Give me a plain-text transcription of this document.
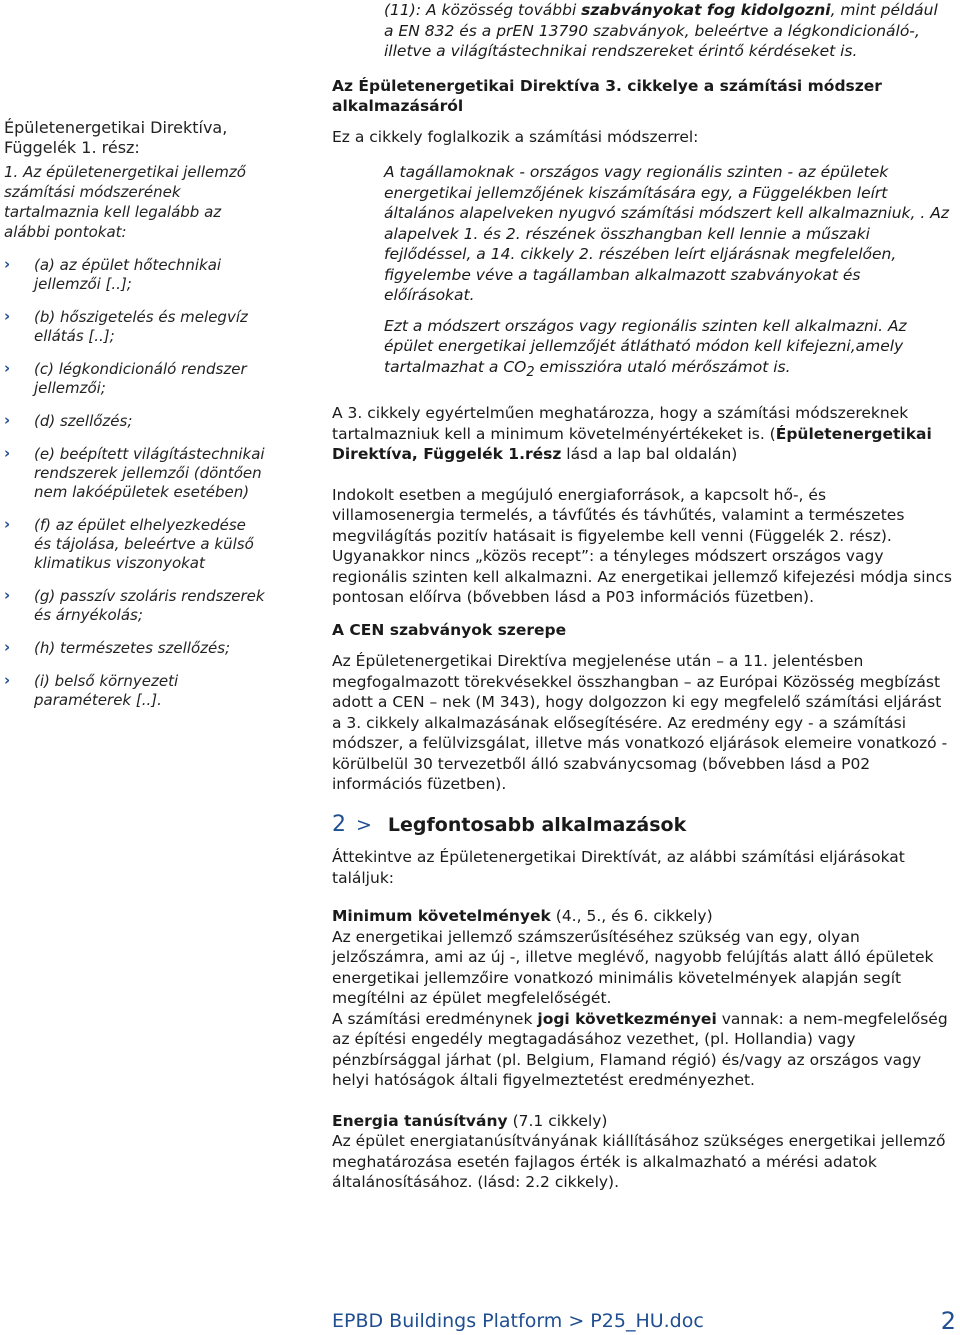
Épületenergetikai Direktíva, Függelék 1. rész:

1. Az épületenergetikai jellemző számítási módszerének tartalmaznia kell legalább az alábbi pontokat:

› (a) az épület hőtechnikai jellemzői [..];
› (b) hőszigetelés és melegvíz ellátás [..];
› (c) légkondicionáló rendszer jellemzői;
› (d) szellőzés;
› (e) beépített világítástechnikai rendszerek jellemzői (döntően nem lakóépületek esetében)
› (f) az épület elhelyezkedése és tájolása, beleértve a külső klimatikus viszonyokat
› (g) passzív szoláris rendszerek és árnyékolás;
› (h) természetes szellőzés;
› (i) belső környezeti paraméterek [..].

(11): A közösség további szabványokat fog kidolgozni, mint például a EN 832 és a prEN 13790 szabványok, beleértve a légkondicionáló-, illetve a világítástechnikai rendszereket érintő kérdéseket is.

Az Épületenergetikai Direktíva 3. cikkelye a számítási módszer alkalmazásáról

Ez a cikkely foglalkozik a számítási módszerrel:

A tagállamoknak - országos vagy regionális szinten - az épületek energetikai jellemzőjének kiszámítására egy, a Függelékben leírt általános alapelveken nyugvó számítási módszert kell alkalmazniuk, . Az alapelvek 1. és 2. részének összhangban kell lennie a műszaki fejlődéssel, a 14. cikkely 2. részében leírt eljárásnak megfelelően, figyelembe véve a tagállamban alkalmazott szabványokat és előírásokat.

Ezt a módszert országos vagy regionális szinten kell alkalmazni. Az épület energetikai jellemzőjét átlátható módon kell kifejezni,amely tartalmazhat a $CO_2$ emisszióra utaló mérőszámot is.

A 3. cikkely egyértelműen meghatározza, hogy a számítási módszereknek tartalmazniuk kell a minimum követelményértékeket is. (Épületenergetikai Direktíva, Függelék 1.rész lásd a lap bal oldalán)

Indokolt esetben a megújuló energiaforrások, a kapcsolt hő-, és villamosenergia termelés, a távfűtés és távhűtés, valamint a természetes megvilágítás pozitív hatásait is figyelembe kell venni (Függelék 2. rész). Ugyanakkor nincs „közös recept”: a tényleges módszert országos vagy regionális szinten kell alkalmazni. Az energetikai jellemző kifejezési módja sincs pontosan előírva (bővebben lásd a P03 információs füzetben).

A CEN szabványok szerepe

Az Épületenergetikai Direktíva megjelenése után – a 11. jelentésben megfogalmazott törekvésekkel összhangban – az Európai Közösség megbízást adott a CEN – nek (M 343), hogy dolgozzon ki egy megfelelő számítási eljárást a 3. cikkely alkalmazásának elősegítésére. Az eredmény egy - a számítási módszer, a felülvizsgálat, illetve más vonatkozó eljárások elemeire vonatkozó - körülbelül 30 tervezetből álló szabványcsomag (bővebben lásd a P02 információs füzetben).

2 > Legfontosabb alkalmazások

Áttekintve az Épületenergetikai Direktívát, az alábbi számítási eljárásokat találjuk:

Minimum követelmények (4., 5., és 6. cikkely)

Az energetikai jellemző számszerűsítéséhez szükség van egy, olyan jelzőszámra, ami az új -, illetve meglévő, nagyobb felújítás alatt álló épületek energetikai jellemzőire vonatkozó minimális követelmények alapján segít megítélni az épület megfelelőségét.

A számítási eredménynek jogi következményei vannak: a nem-megfelelőség az építési engedély megtagadásához vezethet, (pl. Hollandia) vagy pénzbírsággal járhat (pl. Belgium, Flamand régió) és/vagy az országos vagy helyi hatóságok általi figyelmeztetést eredményezhet.

Energia tanúsítvány (7.1 cikkely)

Az épület energiatanúsítványának kiállításához szükséges energetikai jellemző meghatározása esetén fajlagos érték is alkalmazható a mérési adatok általánosításához. (lásd: 2.2 cikkely).

EPBD Buildings Platform > P25_HU.doc	2
